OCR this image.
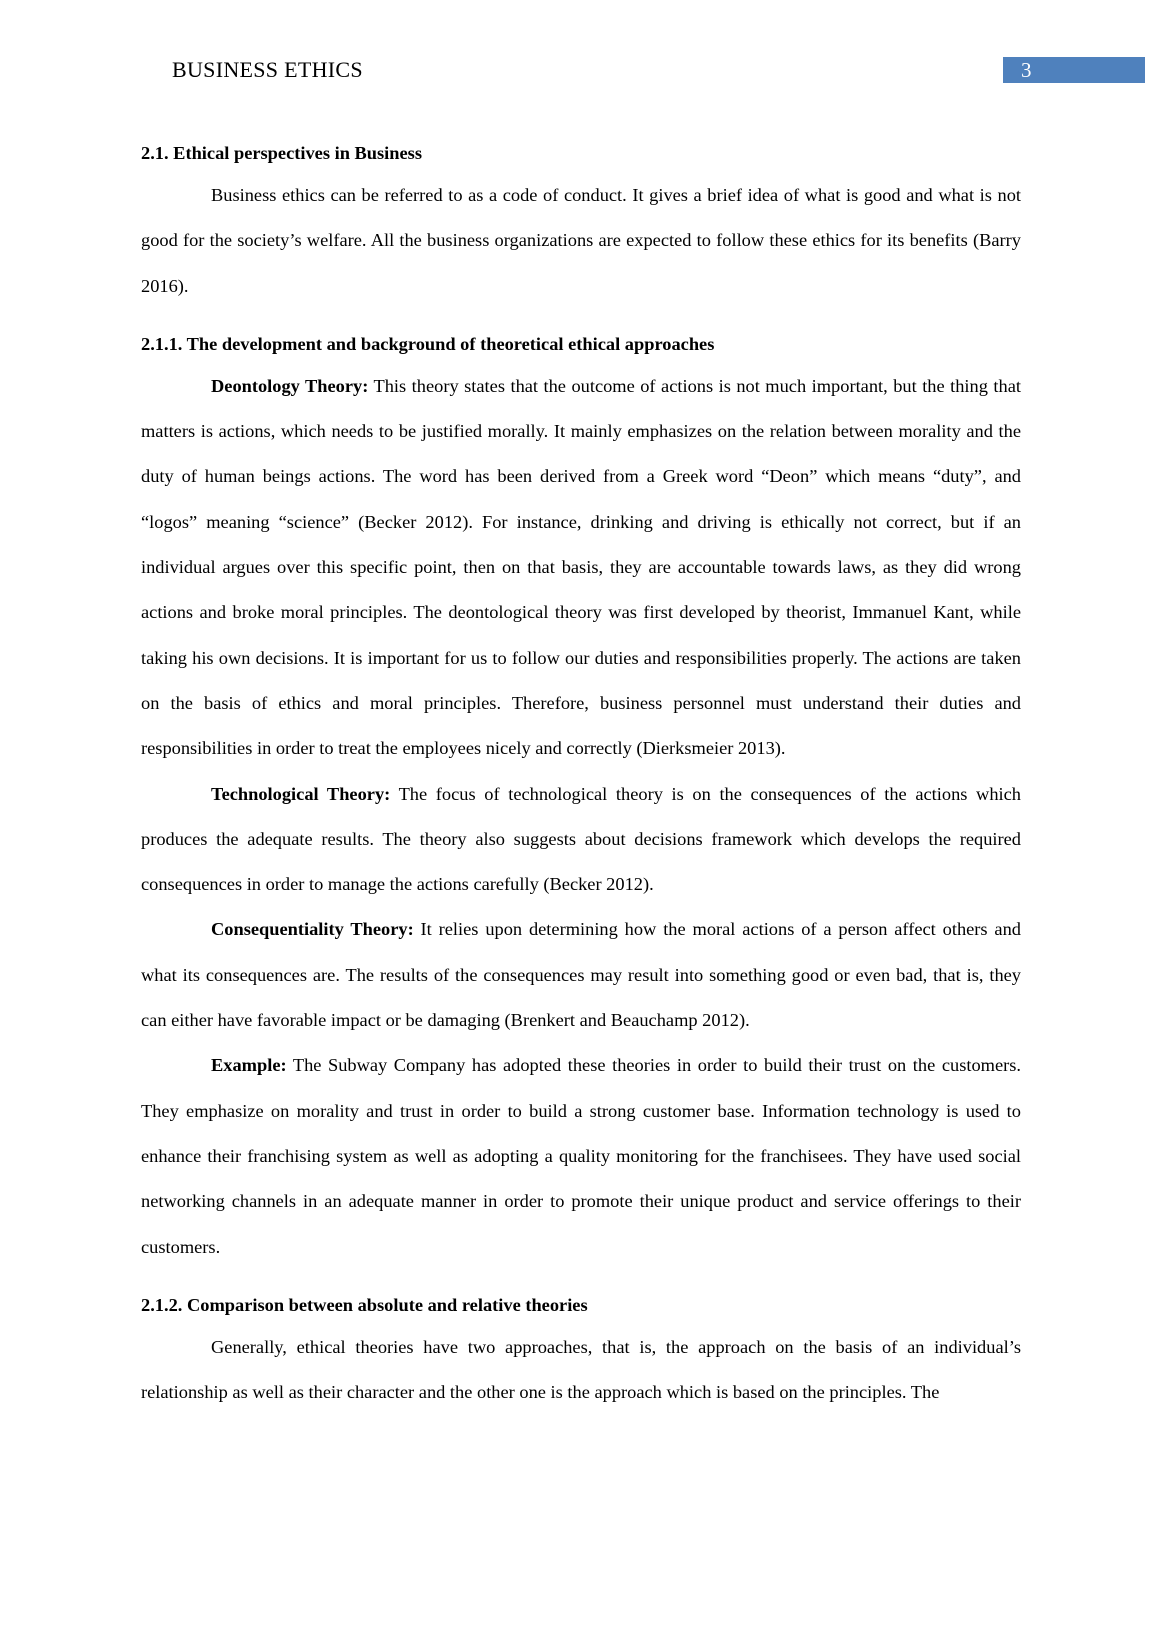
BUSINESS ETHICS	3
2.1. Ethical perspectives in Business

Business ethics can be referred to as a code of conduct. It gives a brief idea of what is good and what is not good for the society’s welfare. All the business organizations are expected to follow these ethics for its benefits (Barry 2016).

2.1.1. The development and background of theoretical ethical approaches

Deontology Theory: This theory states that the outcome of actions is not much important, but the thing that matters is actions, which needs to be justified morally. It mainly emphasizes on the relation between morality and the duty of human beings actions. The word has been derived from a Greek word “Deon” which means “duty”, and “logos” meaning “science” (Becker 2012). For instance, drinking and driving is ethically not correct, but if an individual argues over this specific point, then on that basis, they are accountable towards laws, as they did wrong actions and broke moral principles. The deontological theory was first developed by theorist, Immanuel Kant, while taking his own decisions. It is important for us to follow our duties and responsibilities properly. The actions are taken on the basis of ethics and moral principles. Therefore, business personnel must understand their duties and responsibilities in order to treat the employees nicely and correctly (Dierksmeier 2013).

Technological Theory: The focus of technological theory is on the consequences of the actions which produces the adequate results. The theory also suggests about decisions framework which develops the required consequences in order to manage the actions carefully (Becker 2012).

Consequentiality Theory: It relies upon determining how the moral actions of a person affect others and what its consequences are. The results of the consequences may result into something good or even bad, that is, they can either have favorable impact or be damaging (Brenkert and Beauchamp 2012).

Example: The Subway Company has adopted these theories in order to build their trust on the customers. They emphasize on morality and trust in order to build a strong customer base. Information technology is used to enhance their franchising system as well as adopting a quality monitoring for the franchisees. They have used social networking channels in an adequate manner in order to promote their unique product and service offerings to their customers.

2.1.2. Comparison between absolute and relative theories

Generally, ethical theories have two approaches, that is, the approach on the basis of an individual’s relationship as well as their character and the other one is the approach which is based on the principles. The
